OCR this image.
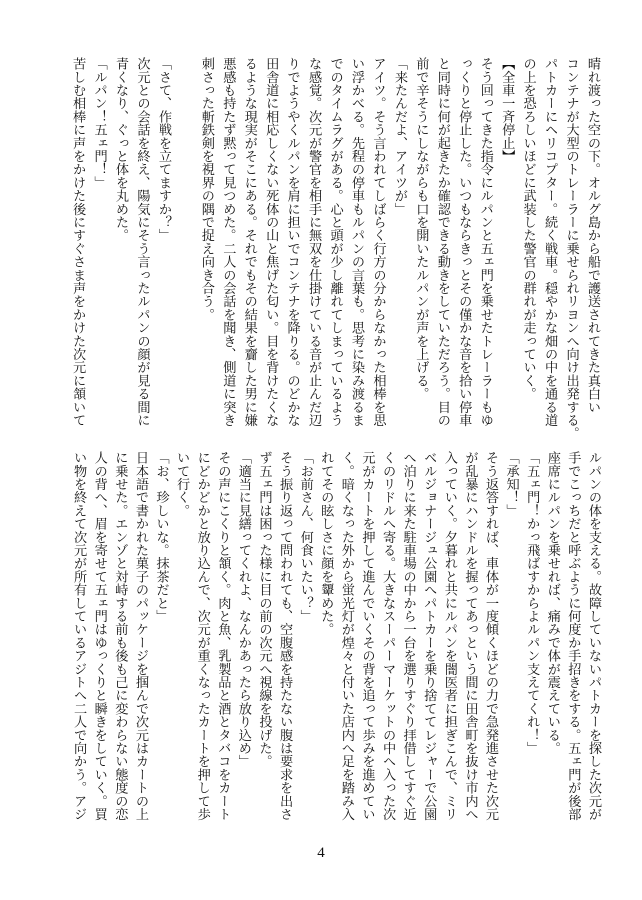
晴れ渡った空の下。オルグ島から船で護送されてきた真白い
コンテナが大型のトレーラーに乗せられリヨンへ向け出発する。
パトカーにヘリコプター。続く戦車。穏やかな畑の中を通る道
の上を恐ろしいほどに武装した警官の群れが走っていく。
【全車一斉停止】
そう回ってきた指令にルパンと五ェ門を乗せたトレーラーもゆ
っくりと停止した。いつもならきっとその僅かな音を拾い停車
と同時に何が起きたか確認できる動きをしていただろう。目の
前で辛そうにしながらも口を開いたルパンが声を上げる。
「来たんだよ、アイツが」
アイツ。そう言われてしばらく行方の分からなかった相棒を思
い浮かべる。先程の停車もルパンの言葉も。思考に染み渡るま
でのタイムラグがある。心と頭が少し離れてしまっているよう
な感覚。次元が警官を相手に無双を仕掛けている音が止んだ辺
りでようやくルパンを肩に担いでコンテナを降りる。のどかな
田舎道に相応しくない死体の山と焦げた匂い。目を背けたくな
るような現実がそこにある。それでもその結果を齎した男に嫌
悪感も持たず黙って見つめた。二人の会話を聞き、側道に突き
刺さった斬鉄剣を視界の隅で捉え向き合う。
「さて、作戦を立てますか？」
次元との会話を終え、陽気にそう言ったルパンの顔が見る間に
青くなり、ぐっと体を丸めた。
「ルパン！五ェ門！」
苦しむ相棒に声をかけた後にすぐさま声をかけた次元に頷いて
ルパンの体を支える。故障していないパトカーを探した次元が
手でこっちだと呼ぶように何度か手招きをする。五ェ門が後部
座席にルパンを乗せれば、痛みで体が震えている。
「五ェ門！かっ飛ばすからよルパン支えてくれ！」
「承知！」
そう返答すれば、車体が一度傾くほどの力で急発進させた次元
が乱暴にハンドルを握ってあっという間に田舎町を抜け市内へ
入っていく。夕暮れと共にルパンを闇医者に担ぎこんで、ミリ
ベルジョナージュ公園へパトカーを乗り捨ててレジャーで公園
へ泊りに来た駐車場の中から一台を選りすぐり拝借してすぐ近
くのリドルへ寄る。大きなスーパーマーケットの中へ入った次
元がカートを押して進んでいくその背を追って歩みを進めてい
く。暗くなった外から蛍光灯が煌々と付いた店内へ足を踏み入
れてその眩しさに顔を顰めた。
「お前さん、何食いたい？」
そう振り返って問われても、空腹感を持たない腹は要求を出さ
ず五ェ門は困った様に目の前の次元へ視線を投げた。
「適当に見繕ってくれよ、なんかあったら放り込め」
その声にこくりと頷く。肉と魚、乳製品と酒とタバコをカート
にどかどかと放り込んで、次元が重くなったカートを押して歩
いて行く。
「お、珍しいな。抹茶だと」
日本語で書かれた菓子のパッケージを掴んで次元はカートの上
に乗せた。エンゾと対峙する前も後も己に変わらない態度の恋
人の背へ、眉を寄せて五ェ門はゆっくりと瞬きをしていく。買
い物を終えて次元が所有しているアジトへ二人で向かう。アジ
4
